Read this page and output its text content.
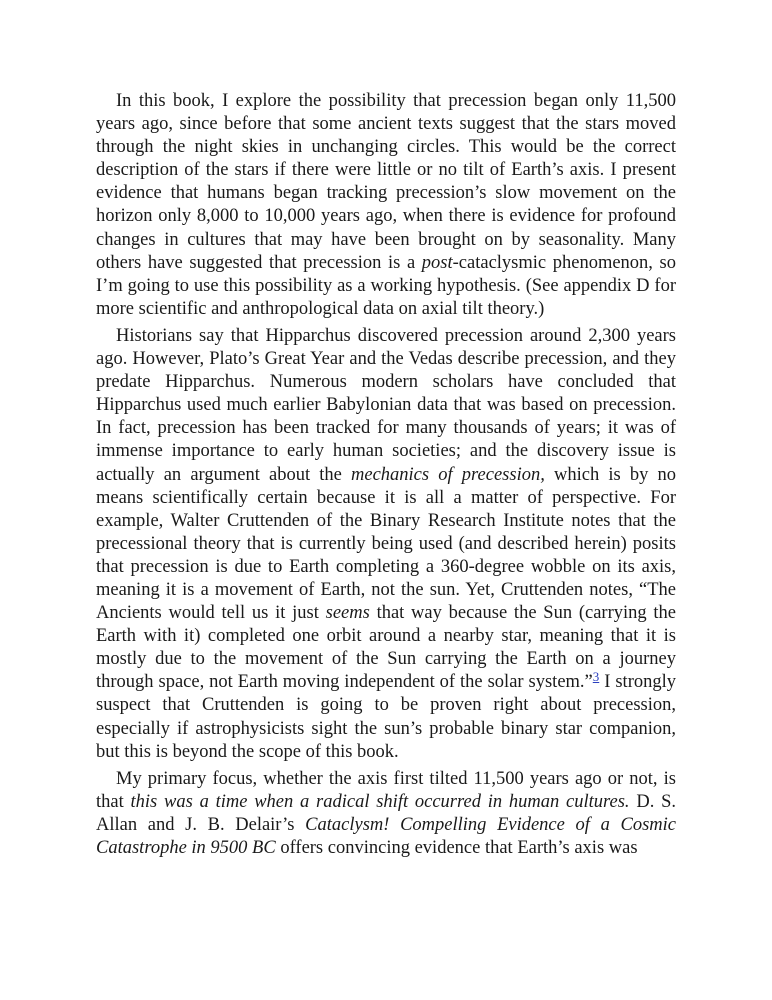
In this book, I explore the possibility that precession began only 11,500 years ago, since before that some ancient texts suggest that the stars moved through the night skies in unchanging circles. This would be the correct description of the stars if there were little or no tilt of Earth’s axis. I present evidence that humans began tracking precession’s slow movement on the horizon only 8,000 to 10,000 years ago, when there is evidence for profound changes in cultures that may have been brought on by seasonality. Many others have suggested that precession is a post-cataclysmic phenomenon, so I’m going to use this possibility as a working hypothesis. (See appendix D for more scientific and anthropological data on axial tilt theory.)

Historians say that Hipparchus discovered precession around 2,300 years ago. However, Plato’s Great Year and the Vedas describe precession, and they predate Hipparchus. Numerous modern scholars have concluded that Hipparchus used much earlier Babylonian data that was based on precession. In fact, precession has been tracked for many thousands of years; it was of immense importance to early human societies; and the discovery issue is actually an argument about the mechanics of precession, which is by no means scientifically certain because it is all a matter of perspective. For example, Walter Cruttenden of the Binary Research Institute notes that the precessional theory that is currently being used (and described herein) posits that precession is due to Earth completing a 360-degree wobble on its axis, meaning it is a movement of Earth, not the sun. Yet, Cruttenden notes, “The Ancients would tell us it just seems that way because the Sun (carrying the Earth with it) completed one orbit around a nearby star, meaning that it is mostly due to the movement of the Sun carrying the Earth on a journey through space, not Earth moving independent of the solar system.”$^3$ I strongly suspect that Cruttenden is going to be proven right about precession, especially if astrophysicists sight the sun’s probable binary star companion, but this is beyond the scope of this book.

My primary focus, whether the axis first tilted 11,500 years ago or not, is that this was a time when a radical shift occurred in human cultures. D. S. Allan and J. B. Delair’s Cataclysm! Compelling Evidence of a Cosmic Catastrophe in 9500 BC offers convincing evidence that Earth’s axis was
